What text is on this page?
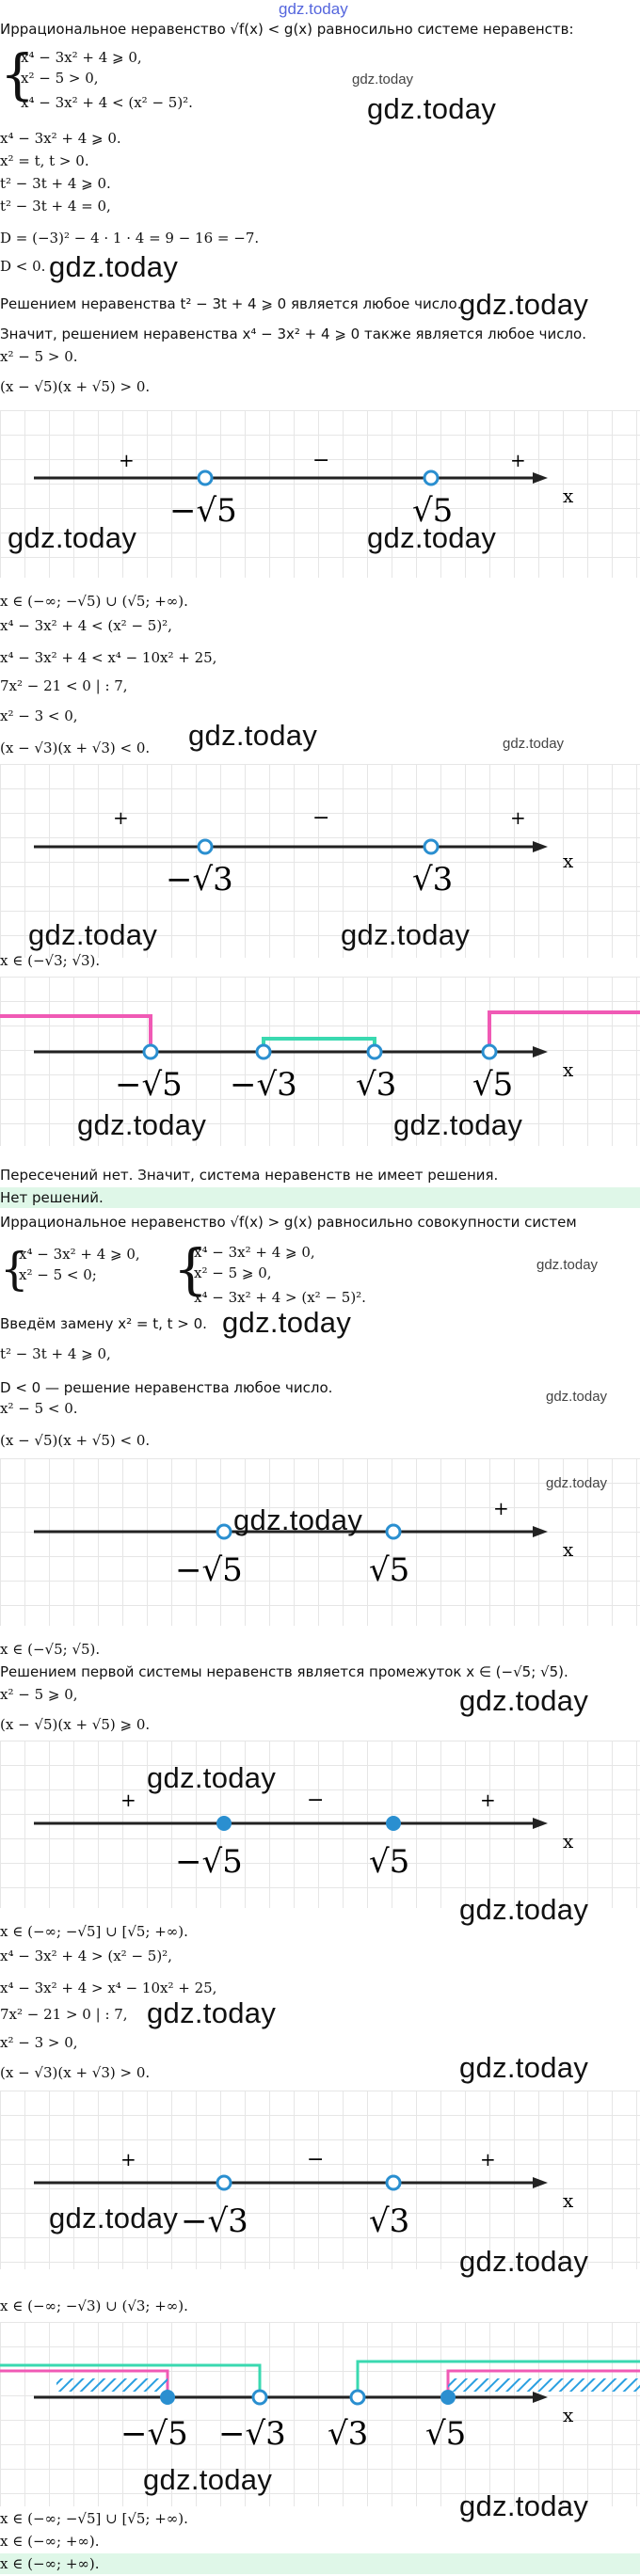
gdz.today
Иррациональное неравенство √f(x) < g(x) равносильно системе неравенств:
{
x⁴ − 3x² + 4 ⩾ 0,
x² − 5 > 0,
x⁴ − 3x² + 4 < (x² − 5)².	gdz.today
gdz.today
x⁴ − 3x² + 4 ⩾ 0.
x² = t, t > 0.
t² − 3t + 4 ⩾ 0.
t² − 3t + 4 = 0,
D = (−3)² − 4 · 1 · 4 = 9 − 16 = −7.
D < 0. gdz.today
Решением неравенства t² − 3t + 4 ⩾ 0 является любое число.
gdz.today
Значит, решением неравенства x⁴ − 3x² + 4 ⩾ 0 также является любое число.
x² − 5 > 0.
(x − √5)(x + √5) > 0.
+	−	+
x
−√5	√5
gdz.today	gdz.today
x ∈ (−∞; −√5) ∪ (√5; +∞).
x⁴ − 3x² + 4 < (x² − 5)²,
x⁴ − 3x² + 4 < x⁴ − 10x² + 25,
7x² − 21 < 0 | : 7,
x² − 3 < 0,
(x − √3)(x + √3) < 0. gdz.today	gdz.today
+	−	+
x
−√3	√3
gdz.today	gdz.today
x ∈ (−√3; √3).
x
−√5 −√3 √3 √5
gdz.today	gdz.today
Пересечений нет. Значит, система неравенств не имеет решения.
Нет решений.
Иррациональное неравенство √f(x) > g(x) равносильно совокупности систем
{
x⁴ − 3x² + 4 ⩾ 0,
x² − 5 < 0; {
x⁴ − 3x² + 4 ⩾ 0,
x² − 5 ⩾ 0,
x⁴ − 3x² + 4 > (x² − 5)².
gdz.today
Введём замену x² = t, t > 0. gdz.today
t² − 3t + 4 ⩾ 0,
D < 0 — решение неравенства любое число.
gdz.today
x² − 5 < 0.
(x − √5)(x + √5) < 0.
+
x
−√5	√5
gdz.today
gdz.today
x ∈ (−√5; √5).
Решением первой системы неравенств является промежуток x ∈ (−√5; √5).
x² − 5 ⩾ 0,
(x − √5)(x + √5) ⩾ 0.
gdz.today
+	−	+
x
−√5	√5
gdz.today
gdz.today
x ∈ (−∞; −√5] ∪ [√5; +∞).
x⁴ − 3x² + 4 > (x² − 5)²,
x⁴ − 3x² + 4 > x⁴ − 10x² + 25,
7x² − 21 > 0 | : 7, gdz.today
x² − 3 > 0,
(x − √3)(x + √3) > 0.	gdz.today
+	−	+
x
−√3	√3
gdz.today
gdz.today
x ∈ (−∞; −√3) ∪ (√3; +∞).
x
−√5 −√3 √3 √5
gdz.today
x ∈ (−∞; −√5] ∪ [√5; +∞).	gdz.today
x ∈ (−∞; +∞).
x ∈ (−∞; +∞).
